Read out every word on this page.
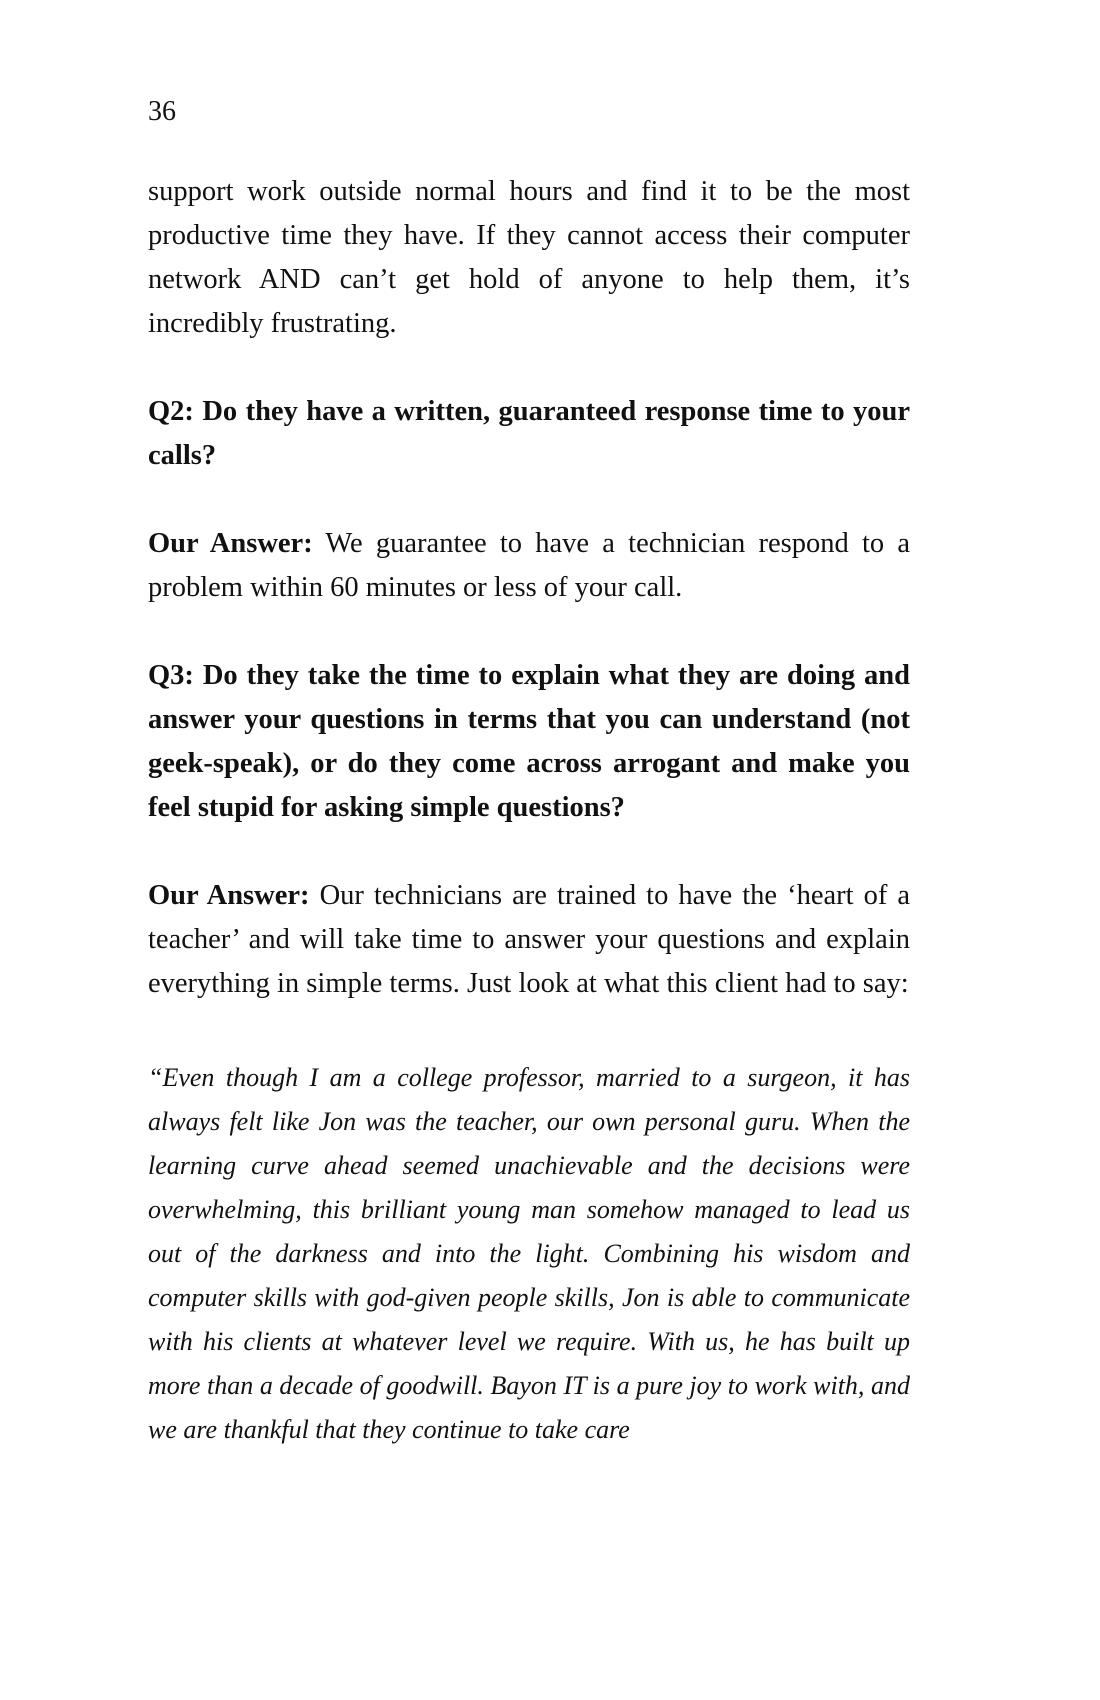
36

support work outside normal hours and find it to be the most productive time they have. If they cannot access their computer network AND can’t get hold of anyone to help them, it’s incredibly frustrating.

Q2: Do they have a written, guaranteed response time to your calls?

Our Answer: We guarantee to have a technician respond to a problem within 60 minutes or less of your call.

Q3: Do they take the time to explain what they are doing and answer your questions in terms that you can understand (not geek-speak), or do they come across arrogant and make you feel stupid for asking simple questions?

Our Answer: Our technicians are trained to have the ‘heart of a teacher’ and will take time to answer your questions and explain everything in simple terms. Just look at what this client had to say:

“Even though I am a college professor, married to a surgeon, it has always felt like Jon was the teacher, our own personal guru. When the learning curve ahead seemed unachievable and the decisions were overwhelming, this brilliant young man somehow managed to lead us out of the darkness and into the light. Combining his wisdom and computer skills with god-given people skills, Jon is able to communicate with his clients at whatever level we require. With us, he has built up more than a decade of goodwill. Bayon IT is a pure joy to work with, and we are thankful that they continue to take care
